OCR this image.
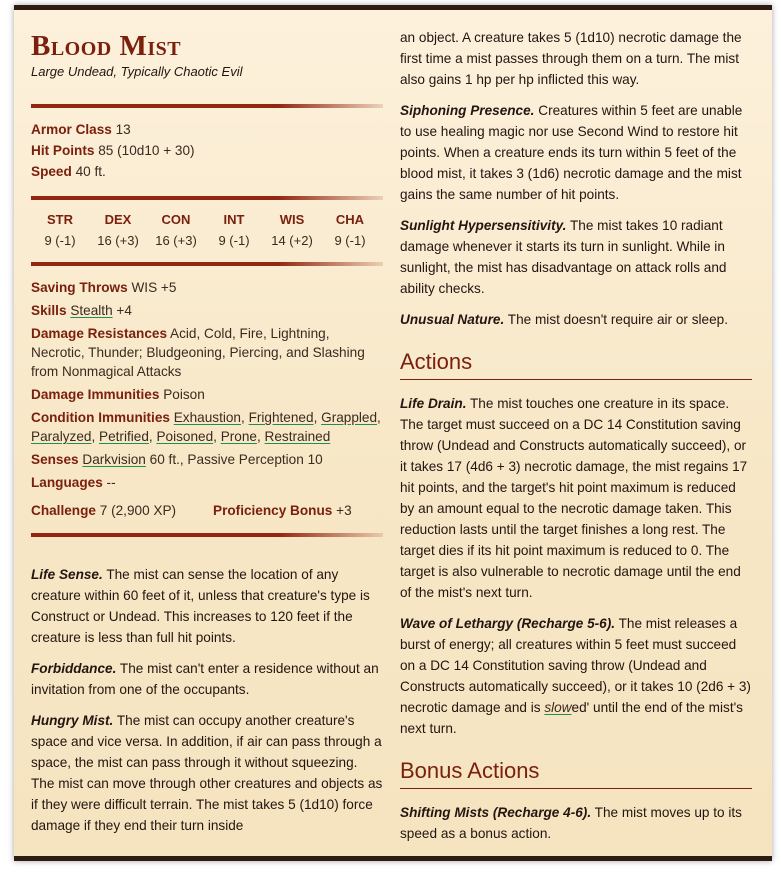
Blood Mist
Large Undead, Typically Chaotic Evil
Armor Class 13
Hit Points 85 (10d10 + 30)
Speed 40 ft.
STR	DEX	CON	INT	WIS	CHA
9 (-1)	16 (+3)	16 (+3)	9 (-1)	14 (+2)	9 (-1)
Saving Throws WIS +5
Skills Stealth +4
Damage Resistances Acid, Cold, Fire, Lightning, Necrotic, Thunder; Bludgeoning, Piercing, and Slashing from Nonmagical Attacks
Damage Immunities Poison
Condition Immunities Exhaustion, Frightened, Grappled, Paralyzed, Petrified, Poisoned, Prone, Restrained
Senses Darkvision 60 ft., Passive Perception 10
Languages --
Challenge 7 (2,900 XP)	Proficiency Bonus +3

Life Sense. The mist can sense the location of any creature within 60 feet of it, unless that creature's type is Construct or Undead. This increases to 120 feet if the creature is less than full hit points.

Forbiddance. The mist can't enter a residence without an invitation from one of the occupants.

Hungry Mist. The mist can occupy another creature's space and vice versa. In addition, if air can pass through a space, the mist can pass through it without squeezing. The mist can move through other creatures and objects as if they were difficult terrain. The mist takes 5 (1d10) force damage if they end their turn inside

an object. A creature takes 5 (1d10) necrotic damage the first time a mist passes through them on a turn. The mist also gains 1 hp per hp inflicted this way.

Siphoning Presence. Creatures within 5 feet are unable to use healing magic nor use Second Wind to restore hit points. When a creature ends its turn within 5 feet of the blood mist, it takes 3 (1d6) necrotic damage and the mist gains the same number of hit points.

Sunlight Hypersensitivity. The mist takes 10 radiant damage whenever it starts its turn in sunlight. While in sunlight, the mist has disadvantage on attack rolls and ability checks.

Unusual Nature. The mist doesn't require air or sleep.

Actions

Life Drain. The mist touches one creature in its space. The target must succeed on a DC 14 Constitution saving throw (Undead and Constructs automatically succeed), or it takes 17 (4d6 + 3) necrotic damage, the mist regains 17 hit points, and the target's hit point maximum is reduced by an amount equal to the necrotic damage taken. This reduction lasts until the target finishes a long rest. The target dies if its hit point maximum is reduced to 0. The target is also vulnerable to necrotic damage until the end of the mist's next turn.

Wave of Lethargy (Recharge 5-6). The mist releases a burst of energy; all creatures within 5 feet must succeed on a DC 14 Constitution saving throw (Undead and Constructs automatically succeed), or it takes 10 (2d6 + 3) necrotic damage and is slowed' until the end of the mist's next turn.

Bonus Actions

Shifting Mists (Recharge 4-6). The mist moves up to its speed as a bonus action.
